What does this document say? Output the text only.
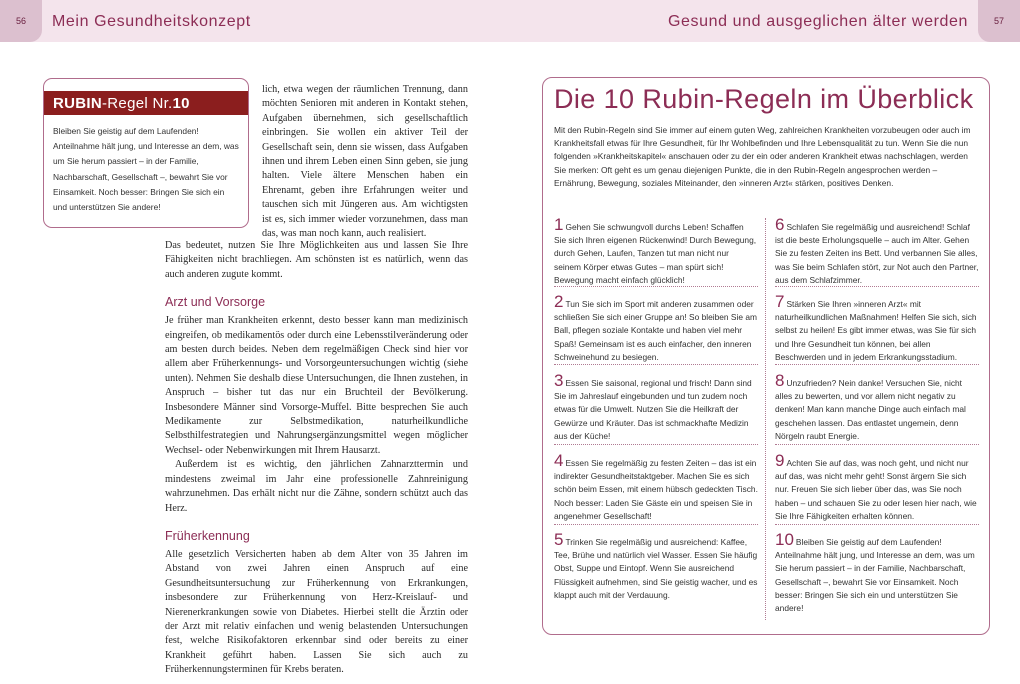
56	Mein Gesundheitskonzept	Gesund und ausgeglichen älter werden	57
RUBIN -Regel Nr. 10
Bleiben Sie geistig auf dem Laufenden! Anteilnahme hält jung, und Interesse an dem, was um Sie herum passiert – in der Familie, Nachbarschaft, Gesellschaft –, bewahrt Sie vor Einsamkeit. Noch besser: Bringen Sie sich ein und unterstützen Sie andere!
lich, etwa wegen der räumlichen Trennung, dann möchten Senioren mit anderen in Kontakt stehen, Aufgaben übernehmen, sich gesellschaftlich einbringen. Sie wollen ein aktiver Teil der Gesellschaft sein, denn sie wissen, dass Aufgaben ihnen und ihrem Leben einen Sinn geben, sie jung halten. Viele ältere Menschen haben ein Ehrenamt, geben ihre Erfahrungen weiter und tauschen sich mit Jüngeren aus. Am wichtigsten ist es, sich immer wieder vorzunehmen, dass man das, was man noch kann, auch realisiert.

Das bedeutet, nutzen Sie Ihre Möglichkeiten aus und lassen Sie Ihre Fähigkeiten nicht brachliegen. Am schönsten ist es natürlich, wenn das auch anderen zugute kommt.

Arzt und Vorsorge

Je früher man Krankheiten erkennt, desto besser kann man medizinisch eingreifen, ob medikamentös oder durch eine Lebensstilveränderung oder am besten durch beides. Neben dem regelmäßigen Check sind hier vor allem aber Früherkennungs- und Vorsorgeuntersuchungen wichtig (siehe unten). Nehmen Sie deshalb diese Untersuchungen, die Ihnen zustehen, in Anspruch – bisher tut das nur ein Bruchteil der Bevölkerung. Insbesondere Männer sind Vorsorge-Muffel. Bitte besprechen Sie auch Medikamente zur Selbstmedikation, naturheilkundliche Selbsthilfestrategien und Nahrungsergänzungsmittel wegen möglicher Wechsel- oder Nebenwirkungen mit Ihrem Hausarzt.

Außerdem ist es wichtig, den jährlichen Zahnarzttermin und mindestens zweimal im Jahr eine professionelle Zahnreinigung wahrzunehmen. Das erhält nicht nur die Zähne, sondern schützt auch das Herz.

Früherkennung

Alle gesetzlich Versicherten haben ab dem Alter von 35 Jahren im Abstand von zwei Jahren einen Anspruch auf eine Gesundheitsuntersuchung zur Früherkennung von Erkrankungen, insbesondere zur Früherkennung von Herz-Kreislauf- und Nierenerkrankungen sowie von Diabetes. Hierbei stellt die Ärztin oder der Arzt mit relativ einfachen und wenig belastenden Untersuchungen fest, welche Risikofaktoren erkennbar sind oder bereits zu einer Krankheit geführt haben. Lassen Sie sich auch zu Früherkennungsterminen für Krebs beraten.

Die 10 Rubin-Regeln im Überblick
Mit den Rubin-Regeln sind Sie immer auf einem guten Weg, zahlreichen Krankheiten vorzubeugen oder auch im Krankheitsfall etwas für Ihre Gesundheit, für Ihr Wohlbefinden und Ihre Lebensqualität zu tun. Wenn Sie die nun folgenden »Krankheitskapitel« anschauen oder zu der ein oder anderen Krankheit etwas nachschlagen, werden Sie merken: Oft geht es um genau diejenigen Punkte, die in den Rubin-Regeln angesprochen werden – Ernährung, Bewegung, soziales Miteinander, den »inneren Arzt« stärken, positives Denken.
1 Gehen Sie schwungvoll durchs Leben! Schaffen Sie sich Ihren eigenen Rückenwind! Durch Bewegung, durch Gehen, Laufen, Tanzen tut man nicht nur seinem Körper etwas Gutes – man spürt sich! Bewegung macht einfach glücklich!
2 Tun Sie sich im Sport mit anderen zusammen oder schließen Sie sich einer Gruppe an! So bleiben Sie am Ball, pflegen soziale Kontakte und haben viel mehr Spaß! Gemeinsam ist es auch einfacher, den inneren Schweinehund zu besiegen.
3 Essen Sie saisonal, regional und frisch! Dann sind Sie im Jahreslauf eingebunden und tun zudem noch etwas für die Umwelt. Nutzen Sie die Heilkraft der Gewürze und Kräuter. Das ist schmackhafte Medizin aus der Küche!
4 Essen Sie regelmäßig zu festen Zeiten – das ist ein indirekter Gesundheitstaktgeber. Machen Sie es sich schön beim Essen, mit einem hübsch gedeckten Tisch. Noch besser: Laden Sie Gäste ein und speisen Sie in angenehmer Gesellschaft!
5 Trinken Sie regelmäßig und ausreichend: Kaffee, Tee, Brühe und natürlich viel Wasser. Essen Sie häufig Obst, Suppe und Eintopf. Wenn Sie ausreichend Flüssigkeit aufnehmen, sind Sie geistig wacher, und es klappt auch mit der Verdauung.
6 Schlafen Sie regelmäßig und ausreichend! Schlaf ist die beste Erholungsquelle – auch im Alter. Gehen Sie zu festen Zeiten ins Bett. Und verbannen Sie alles, was Sie beim Schlafen stört, zur Not auch den Partner, aus dem Schlafzimmer.
7 Stärken Sie Ihren »inneren Arzt« mit naturheilkundlichen Maßnahmen! Helfen Sie sich, sich selbst zu heilen! Es gibt immer etwas, was Sie für sich und Ihre Gesundheit tun können, bei allen Beschwerden und in jedem Erkrankungsstadium.
8 Unzufrieden? Nein danke! Versuchen Sie, nicht alles zu bewerten, und vor allem nicht negativ zu denken! Man kann manche Dinge auch einfach mal geschehen lassen. Das entlastet ungemein, denn Nörgeln raubt Energie.
9 Achten Sie auf das, was noch geht, und nicht nur auf das, was nicht mehr geht! Sonst ärgern Sie sich nur. Freuen Sie sich lieber über das, was Sie noch haben – und schauen Sie zu oder lesen hier nach, wie Sie Ihre Fähigkeiten erhalten können.
10 Bleiben Sie geistig auf dem Laufenden! Anteilnahme hält jung, und Interesse an dem, was um Sie herum passiert – in der Familie, Nachbarschaft, Gesellschaft –, bewahrt Sie vor Einsamkeit. Noch besser: Bringen Sie sich ein und unterstützen Sie andere!
